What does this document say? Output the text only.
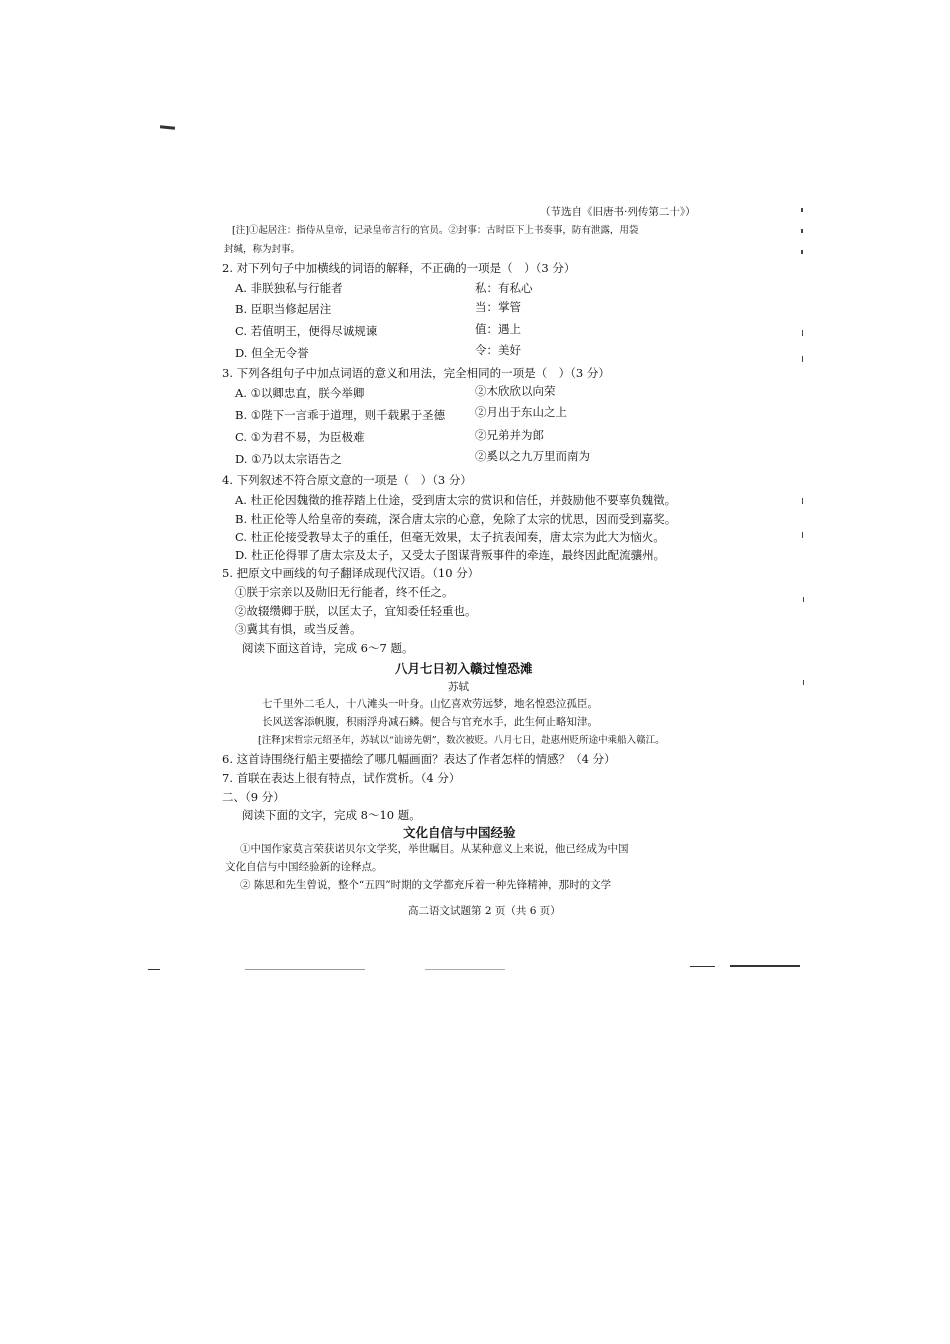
（节选自《旧唐书·列传第二十》）
[注]①起居注：指侍从皇帝，记录皇帝言行的官员。②封事：古时臣下上书奏事，防有泄露，用袋
封缄，称为封事。
2. 对下列句子中加横线的词语的解释，不正确的一项是（　）（3 分）
A. 非朕独私与行能者	私：有私心
B. 臣职当修起居注	当：掌管
C. 若值明王，便得尽诚规谏	值：遇上
D. 但全无令誉	令：美好
3. 下列各组句子中加点词语的意义和用法，完全相同的一项是（　）（3 分）
A. ①以卿忠直，朕今举卿	②木欣欣以向荣
B. ①陛下一言乖于道理，则千载累于圣德	②月出于东山之上
C. ①为君不易，为臣极难	②兄弟并为郎
D. ①乃以太宗语告之	②奚以之九万里而南为
4. 下列叙述不符合原文意的一项是（　）（3 分）
A. 杜正伦因魏徵的推荐踏上仕途，受到唐太宗的赏识和信任，并鼓励他不要辜负魏徵。
B. 杜正伦等人给皇帝的奏疏，深合唐太宗的心意，免除了太宗的忧思，因而受到嘉奖。
C. 杜正伦接受教导太子的重任，但毫无效果，太子抗表闻奏，唐太宗为此大为恼火。
D. 杜正伦得罪了唐太宗及太子，又受太子图谋背叛事件的牵连，最终因此配流骧州。
5. 把原文中画线的句子翻译成现代汉语。（10 分）
①朕于宗亲以及勋旧无行能者，终不任之。
②故辍缵卿于朕，以匡太子，宜知委任轻重也。
③冀其有惧，或当反善。
阅读下面这首诗，完成 6～7 题。
八月七日初入赣过惶恐滩
苏轼
七千里外二毛人，十八滩头一叶身。山忆喜欢劳远梦，地名惶恐泣孤臣。
长风送客添帆腹，积雨浮舟减石鳞。便合与官充水手，此生何止略知津。
[注释]宋哲宗元绍圣年，苏轼以“讪谤先朝”，数次被贬。八月七日，赴惠州贬所途中乘船入赣江。
6. 这首诗围绕行船主要描绘了哪几幅画面？表达了作者怎样的情感？（4 分）
7. 首联在表达上很有特点，试作赏析。（4 分）
二、（9 分）
阅读下面的文字，完成 8～10 题。
文化自信与中国经验
①中国作家莫言荣获诺贝尔文学奖，举世瞩目。从某种意义上来说，他已经成为中国
文化自信与中国经验新的诠释点。
② 陈思和先生曾说，整个“五四”时期的文学都充斥着一种先锋精神，那时的文学
高二语文试题第 2 页（共 6 页）
